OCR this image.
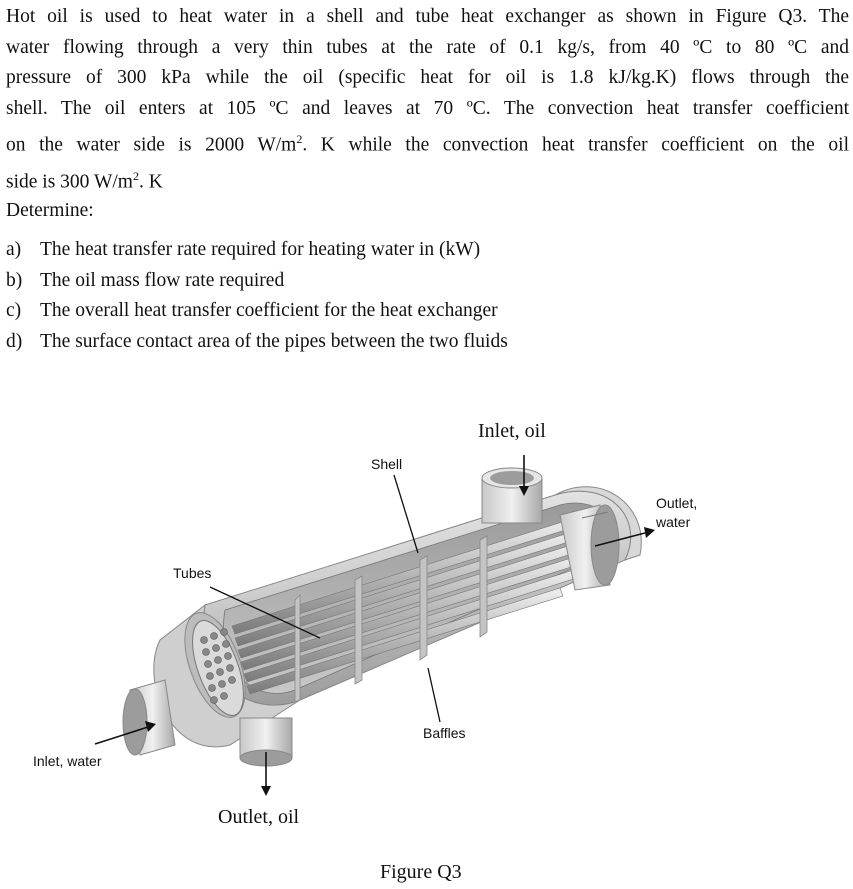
Hot oil is used to heat water in a shell and tube heat exchanger as shown in Figure Q3. The

water flowing through a very thin tubes at the rate of 0.1 kg/s, from 40 ºC to 80 ºC and

pressure of 300 kPa while the oil (specific heat for oil is 1.8 kJ/kg.K) flows through the

shell. The oil enters at 105 ºC and leaves at 70 ºC. The convection heat transfer coefficient

on the water side is 2000 $W/m^2$. K while the convection heat transfer coefficient on the oil

side is 300 $W/m^2$. K

Determine:
a) The heat transfer rate required for heating water in (kW)
b) The oil mass flow rate required
c) The overall heat transfer coefficient for the heat exchanger
d) The surface contact area of the pipes between the two fluids
Inlet, oil
Shell
Outlet,
water
Tubes
Baffles
Inlet, water
Outlet, oil
Figure Q3
